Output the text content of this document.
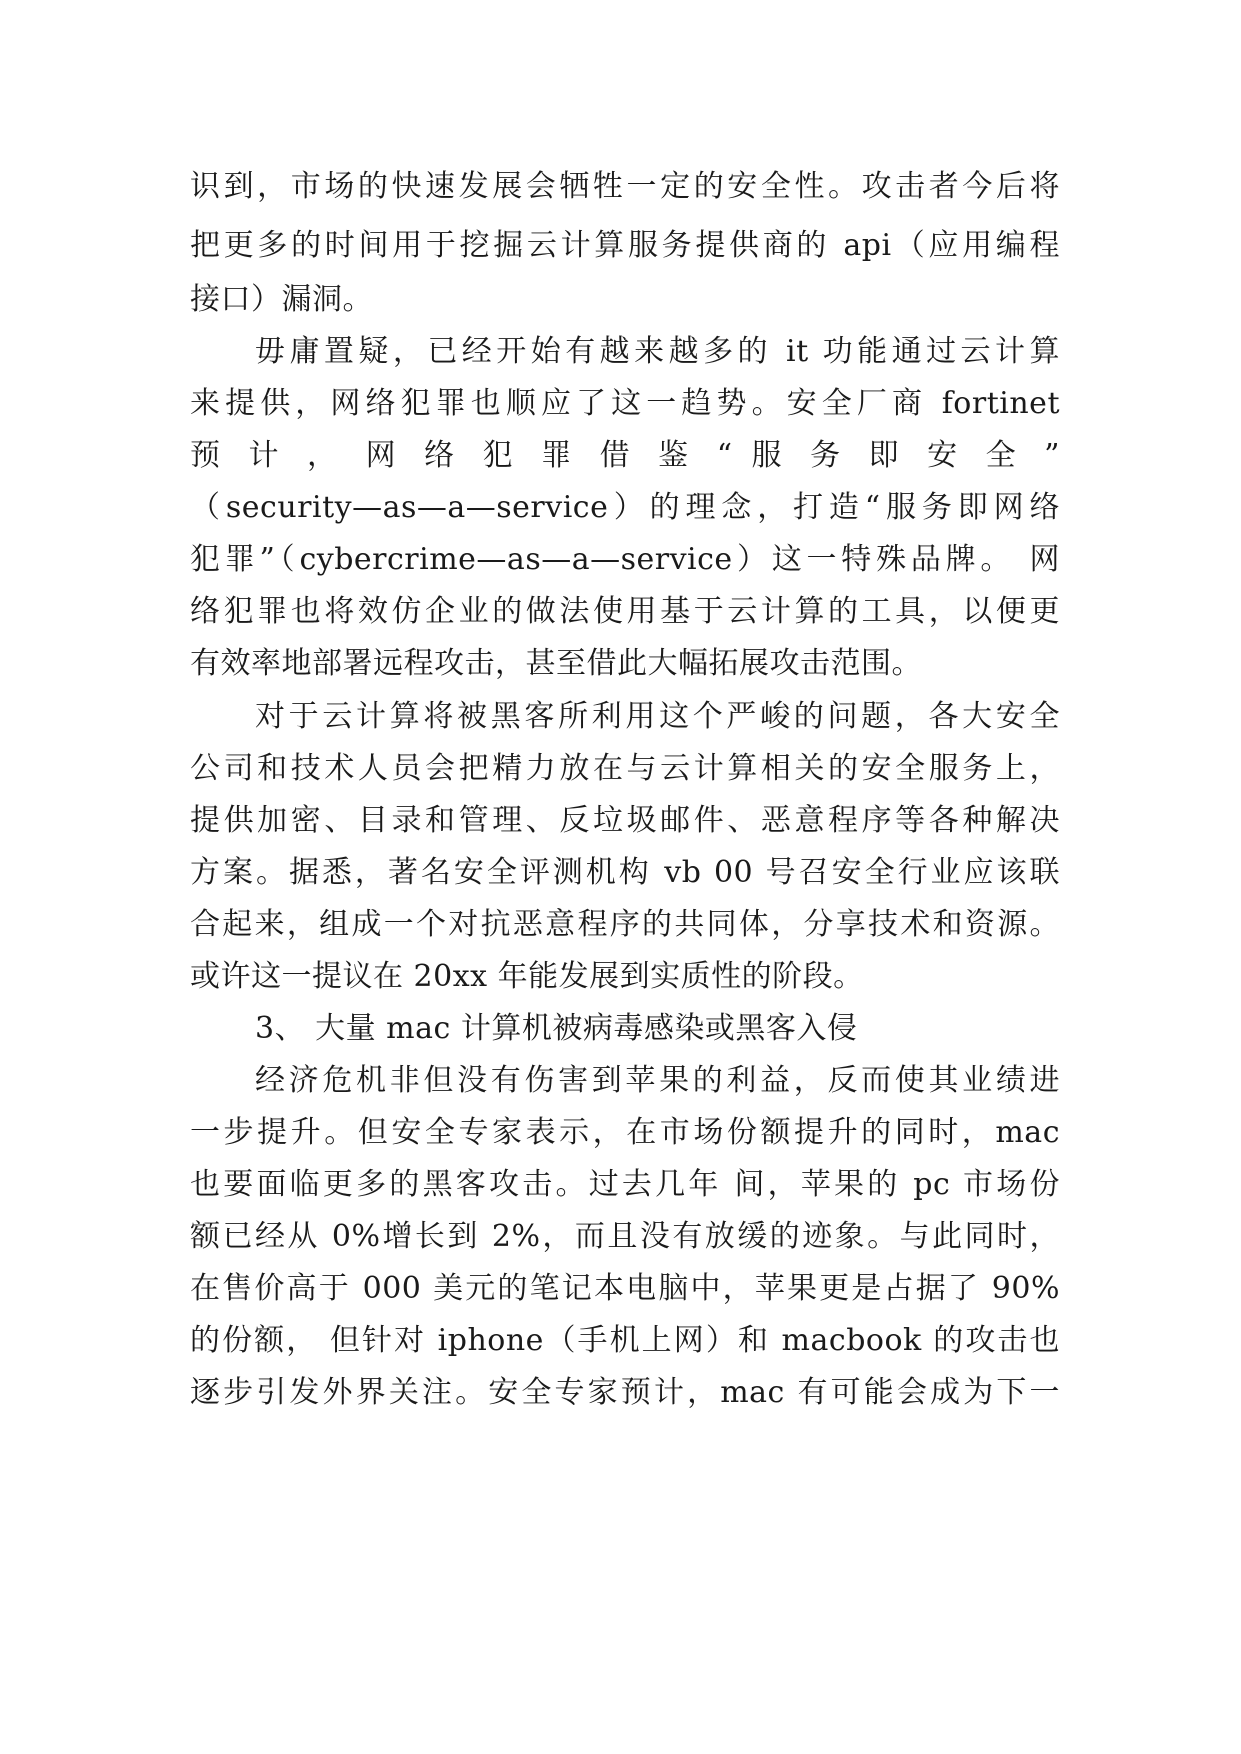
识到，市场的快速发展会牺牲一定的安全性。攻击者今后将
把更多的时间用于挖掘云计算服务提供商的 api（应用编程
接口）漏洞。
毋庸置疑，已经开始有越来越多的 it 功能通过云计算
来提供，网络犯罪也顺应了这一趋势。安全厂商 fortinet
预 计 ， 网 络 犯 罪 借 鉴 “ 服 务 即 安 全 ”
（security—as—a—service）的理念，打造“服务即网络
犯罪”（cybercrime—as—a—service）这一特殊品牌。 网
络犯罪也将效仿企业的做法使用基于云计算的工具，以便更
有效率地部署远程攻击，甚至借此大幅拓展攻击范围。
对于云计算将被黑客所利用这个严峻的问题，各大安全
公司和技术人员会把精力放在与云计算相关的安全服务上，
提供加密、目录和管理、反垃圾邮件、恶意程序等各种解决
方案。据悉，著名安全评测机构 vb 00 号召安全行业应该联
合起来，组成一个对抗恶意程序的共同体，分享技术和资源。
或许这一提议在 20xx 年能发展到实质性的阶段。
3、 大量 mac 计算机被病毒感染或黑客入侵
经济危机非但没有伤害到苹果的利益，反而使其业绩进
一步提升。但安全专家表示，在市场份额提升的同时，mac
也要面临更多的黑客攻击。过去几年 间，苹果的 pc 市场份
额已经从 0%增长到 2%，而且没有放缓的迹象。与此同时，
在售价高于 000 美元的笔记本电脑中，苹果更是占据了 90%
的份额， 但针对 iphone（手机上网）和 macbook 的攻击也
逐步引发外界关注。安全专家预计，mac 有可能会成为下一
